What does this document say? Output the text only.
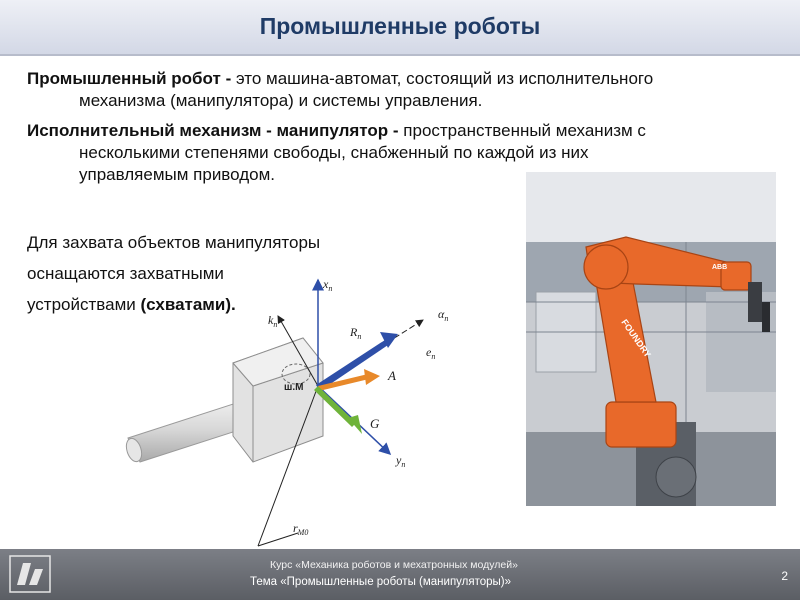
Промышленные роботы
Промышленный робот - это машина-автомат, состоящий из исполнительного
механизма (манипулятора) и системы управления.
Исполнительный механизм - манипулятор - пространственный механизм с
несколькими степенями свободы, снабженный по каждой из них
управляемым приводом.
Для захвата объектов манипуляторы
оснащаются захватными
устройствами (схватами).
$x_n$
$k_n$
$R_n$
$\alpha_n$
$e_n$
A
ш.М
G
$y_n$
$r_{M0}$
ABB
FOUNDRY
Курс «Механика роботов и мехатронных модулей»
Тема «Промышленные роботы (манипуляторы)»	2
